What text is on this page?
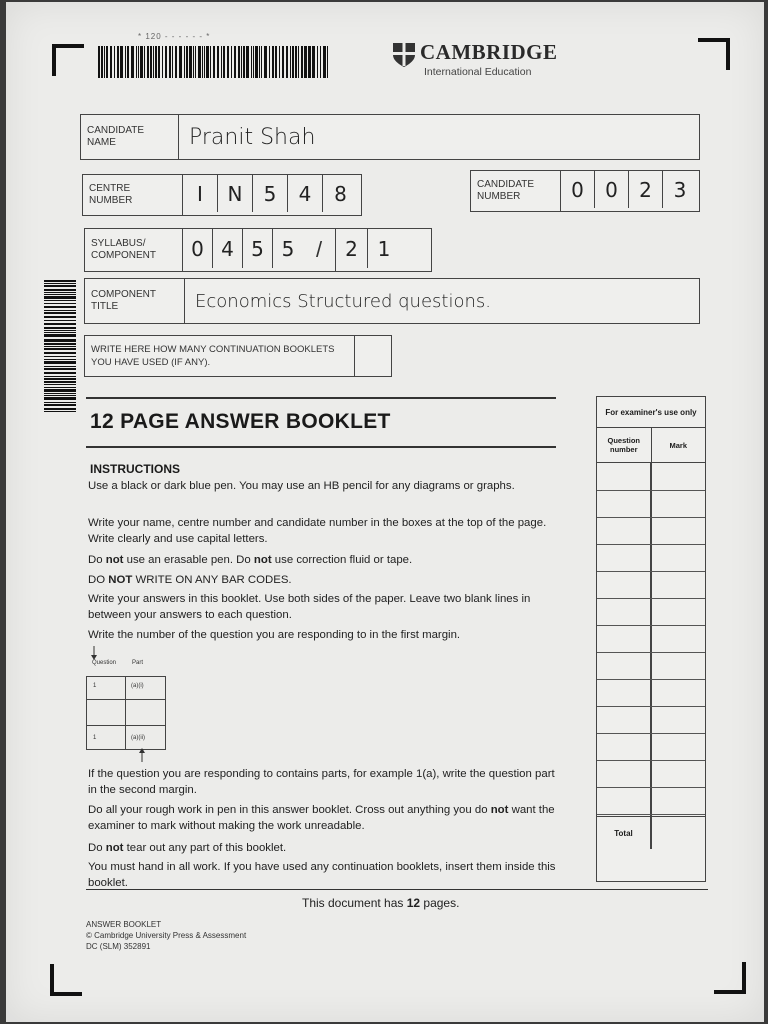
* 120 - - - - - - *
CAMBRIDGE
International Education
CANDIDATE NAME	Pranit Shah
CENTRE NUMBER	I	N	5	4	8	CANDIDATE NUMBER	0	0	2	3
SYLLABUS/ COMPONENT	0 4 5 5 /	2 1
COMPONENT TITLE	Economics Structured questions.
WRITE HERE HOW MANY CONTINUATION BOOKLETS YOU HAVE USED (IF ANY).
12 PAGE ANSWER BOOKLET
INSTRUCTIONS
Use a black or dark blue pen. You may use an HB pencil for any diagrams or graphs.
Write your name, centre number and candidate number in the boxes at the top of the page. Write clearly and use capital letters.
Do not use an erasable pen. Do not use correction fluid or tape.
DO NOT WRITE ON ANY BAR CODES.
Write your answers in this booklet. Use both sides of the paper. Leave two blank lines in between your answers to each question.
Write the number of the question you are responding to in the first margin.
Question	Part
1	(a)(i)
1	(a)(ii)
If the question you are responding to contains parts, for example 1(a), write the question part in the second margin.
Do all your rough work in pen in this answer booklet. Cross out anything you do not want the examiner to mark without making the work unreadable.
Do not tear out any part of this booklet.
You must hand in all work. If you have used any continuation booklets, insert them inside this booklet.
For examiner's use only
Question number	Mark
Total
This document has 12 pages.
ANSWER BOOKLET
© Cambridge University Press & Assessment
DC (SLM) 352891
